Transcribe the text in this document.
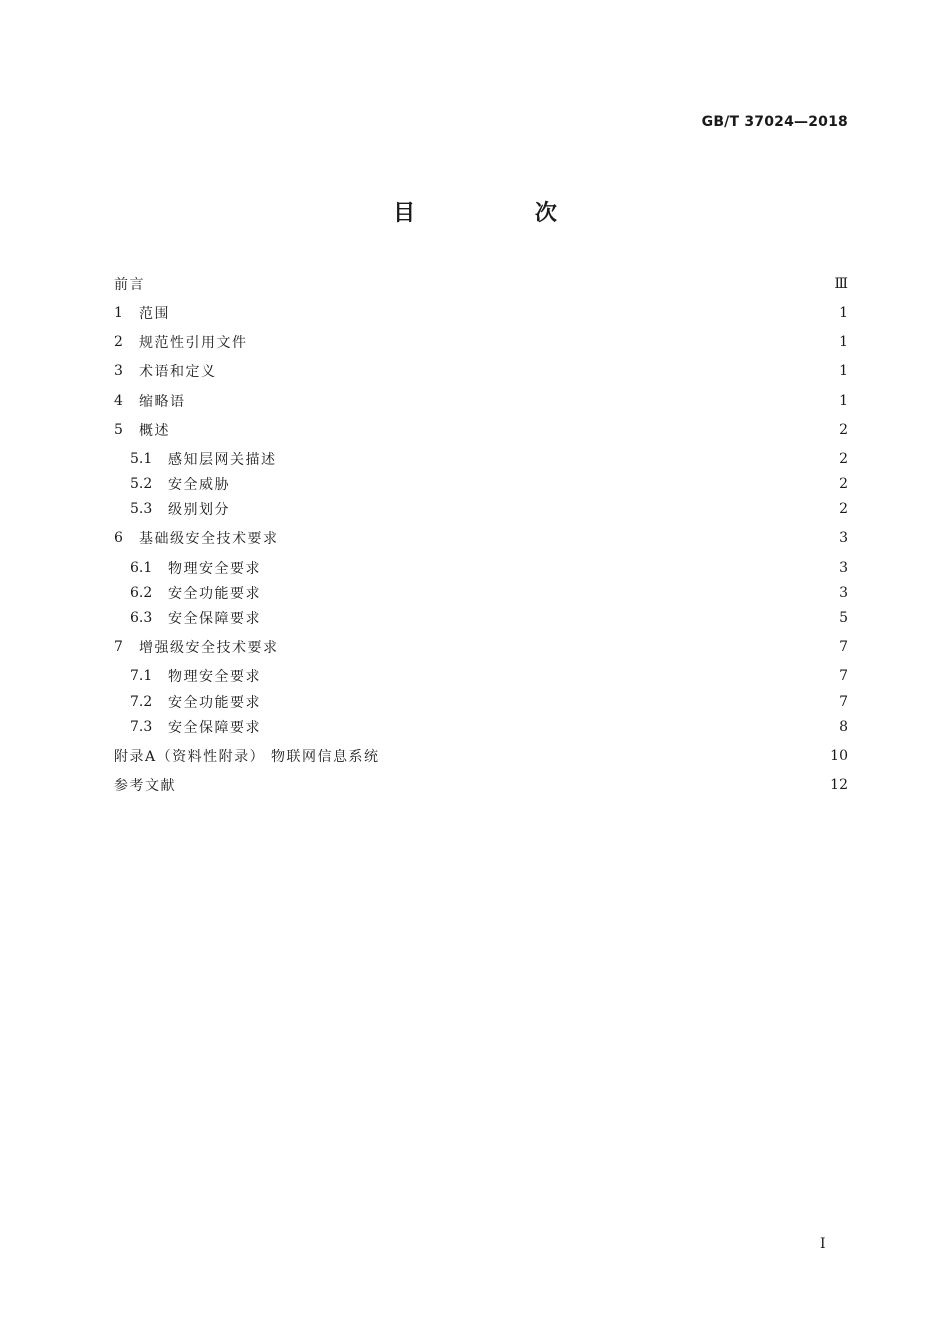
GB/T 37024—2018
目 次
前言	Ⅲ
1	范围	1
2	规范性引用文件	1
3	术语和定义	1
4	缩略语	1
5	概述	2
5.1	感知层网关描述	2
5.2	安全威胁	2
5.3	级别划分	2
6	基础级安全技术要求	3
6.1	物理安全要求	3
6.2	安全功能要求	3
6.3	安全保障要求	5
7	增强级安全技术要求	7
7.1	物理安全要求	7
7.2	安全功能要求	7
7.3	安全保障要求	8
附录A（资料性附录） 物联网信息系统	10
参考文献	12
I
